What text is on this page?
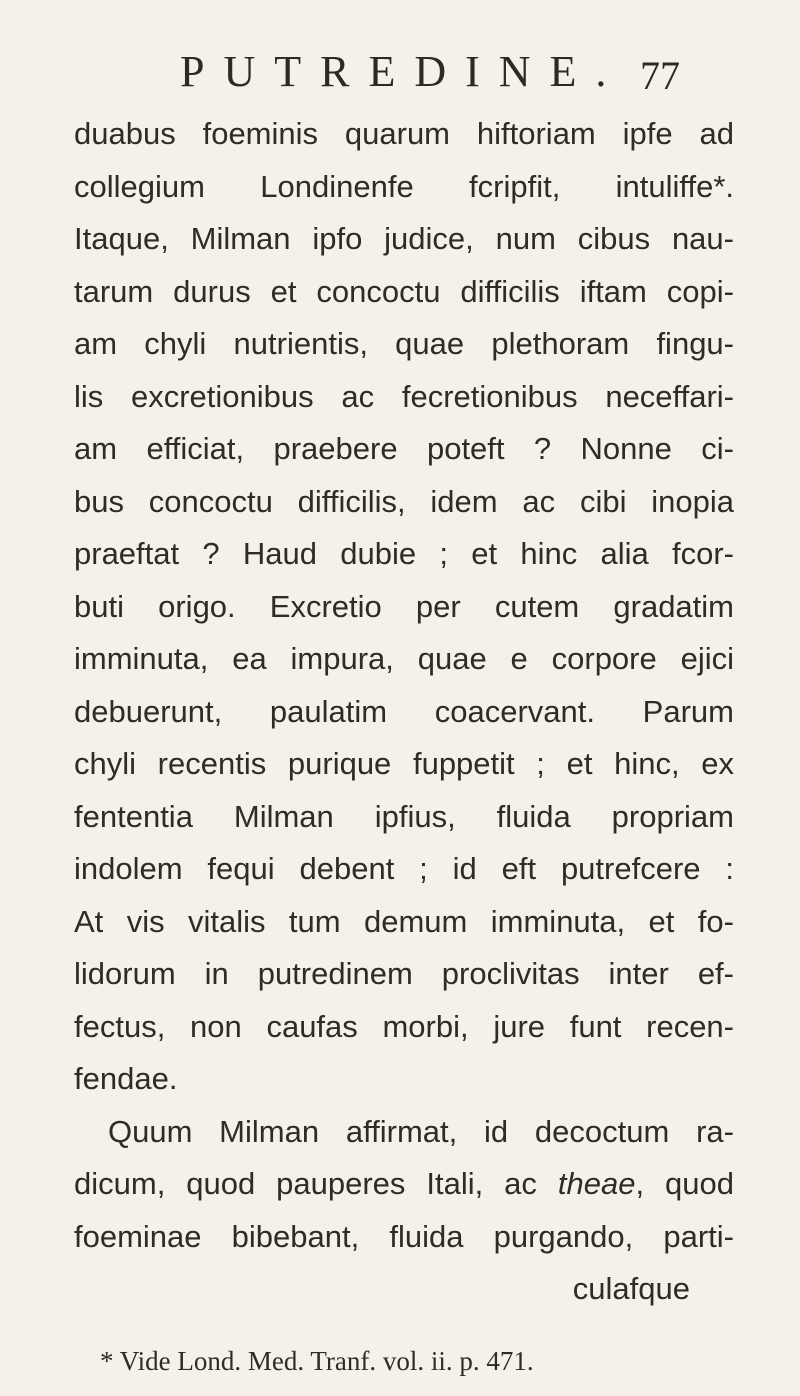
PUTREDINE. 77
duabus foeminis quarum hiftoriam ipfe ad
collegium Londinenfe fcripfit, intuliffe*.
Itaque, Milman ipfo judice, num cibus nau-
tarum durus et concoctu difficilis iftam copi-
am chyli nutrientis, quae plethoram fingu-
lis excretionibus ac fecretionibus neceffari-
am efficiat, praebere poteft ? Nonne ci-
bus concoctu difficilis, idem ac cibi inopia
praeftat ? Haud dubie ; et hinc alia fcor-
buti origo. Excretio per cutem gradatim
imminuta, ea impura, quae e corpore ejici
debuerunt, paulatim coacervant. Parum
chyli recentis purique fuppetit ; et hinc, ex
fententia Milman ipfius, fluida propriam
indolem fequi debent ; id eft putrefcere :
At vis vitalis tum demum imminuta, et fo-
lidorum in putredinem proclivitas inter ef-
fectus, non caufas morbi, jure funt recen-
fendae.
Quum Milman affirmat, id decoctum ra-
dicum, quod pauperes Itali, ac theae, quod
foeminae bibebant, fluida purgando, parti-
culafque
* Vide Lond. Med. Tranf. vol. ii. p. 471.
